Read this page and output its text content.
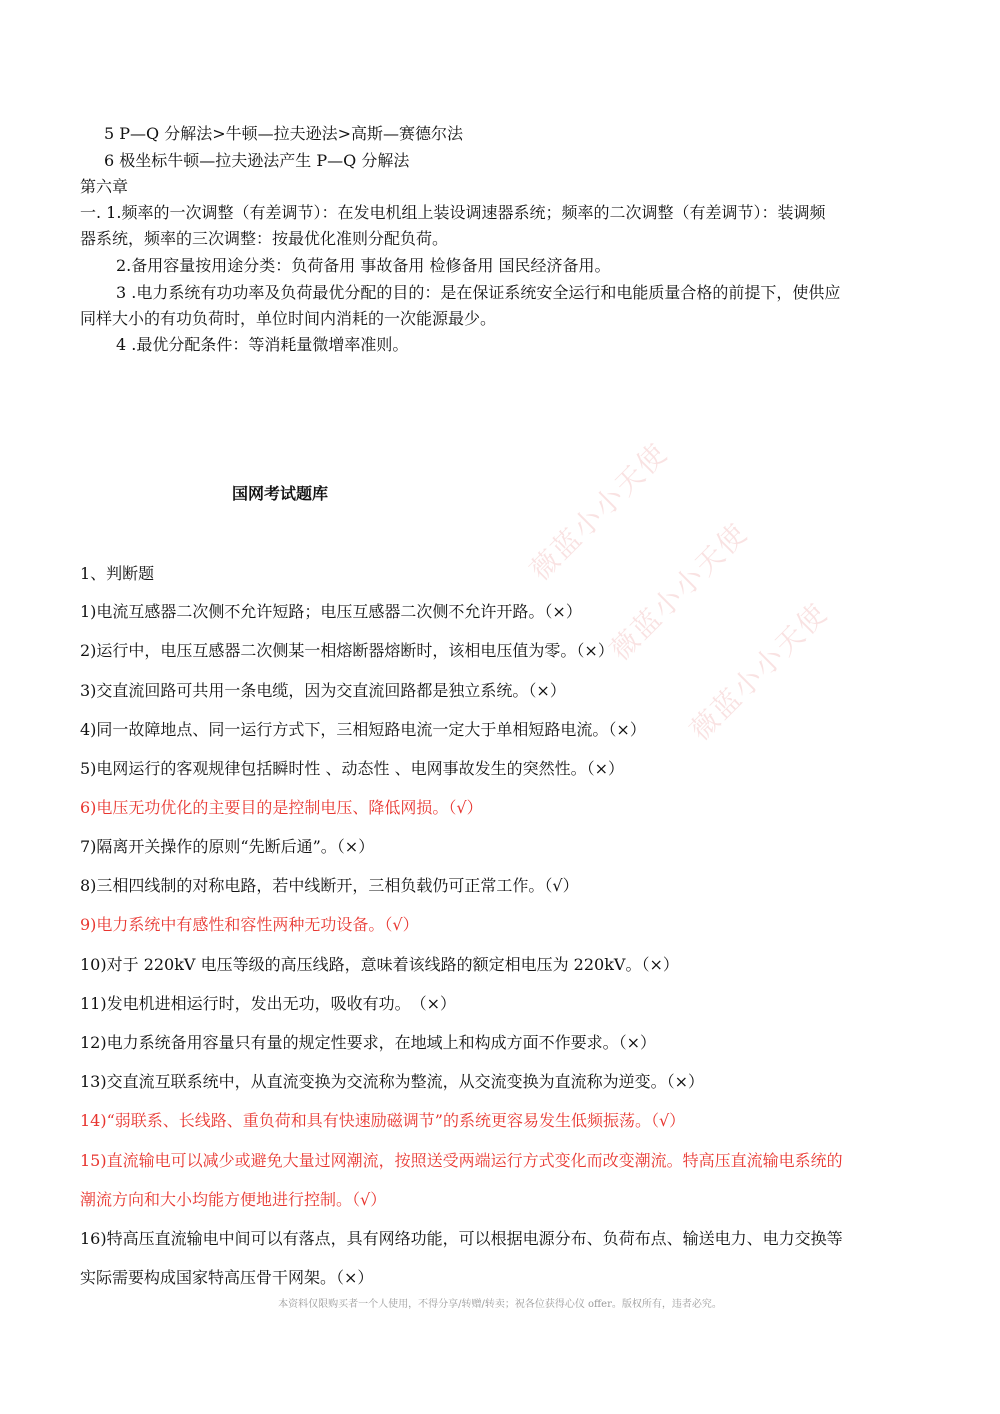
5 P—Q 分解法>牛顿—拉夫逊法>高斯—赛德尔法
6 极坐标牛顿—拉夫逊法产生 P—Q 分解法
第六章
一. 1.频率的一次调整（有差调节）：在发电机组上装设调速器系统；频率的二次调整（有差调节）：装调频
器系统，频率的三次调整：按最优化准则分配负荷。
2.备用容量按用途分类：负荷备用 事故备用 检修备用 国民经济备用。
3 .电力系统有功功率及负荷最优分配的目的：是在保证系统安全运行和电能质量合格的前提下，使供应
同样大小的有功负荷时，单位时间内消耗的一次能源最少。
4 .最优分配条件：等消耗量微增率准则。
国网考试题库
1、判断题
1)电流互感器二次侧不允许短路；电压互感器二次侧不允许开路。（×）
2)运行中，电压互感器二次侧某一相熔断器熔断时，该相电压值为零。（×）
3)交直流回路可共用一条电缆，因为交直流回路都是独立系统。（×）
4)同一故障地点、同一运行方式下，三相短路电流一定大于单相短路电流。（×）
5)电网运行的客观规律包括瞬时性 、动态性 、电网事故发生的突然性。（×）
6)电压无功优化的主要目的是控制电压、降低网损。（√）
7)隔离开关操作的原则“先断后通”。（×）
8)三相四线制的对称电路，若中线断开，三相负载仍可正常工作。（√）
9)电力系统中有感性和容性两种无功设备。（√）
10)对于 220kV 电压等级的高压线路，意味着该线路的额定相电压为 220kV。（×）
11)发电机进相运行时，发出无功，吸收有功。　（×）
12)电力系统备用容量只有量的规定性要求，在地域上和构成方面不作要求。（×）
13)交直流互联系统中，从直流变换为交流称为整流，从交流变换为直流称为逆变。（×）
14)“弱联系、长线路、重负荷和具有快速励磁调节”的系统更容易发生低频振荡。（√）
15)直流输电可以减少或避免大量过网潮流，按照送受两端运行方式变化而改变潮流。特高压直流输电系统的
潮流方向和大小均能方便地进行控制。（√）
16)特高压直流输电中间可以有落点，具有网络功能，可以根据电源分布、负荷布点、输送电力、电力交换等
实际需要构成国家特高压骨干网架。（×）
本资料仅限购买者一个人使用，不得分享/转赠/转卖；祝各位获得心仪 offer。版权所有，违者必究。
薇蓝小小天使
薇蓝小小天使
薇蓝小小天使
